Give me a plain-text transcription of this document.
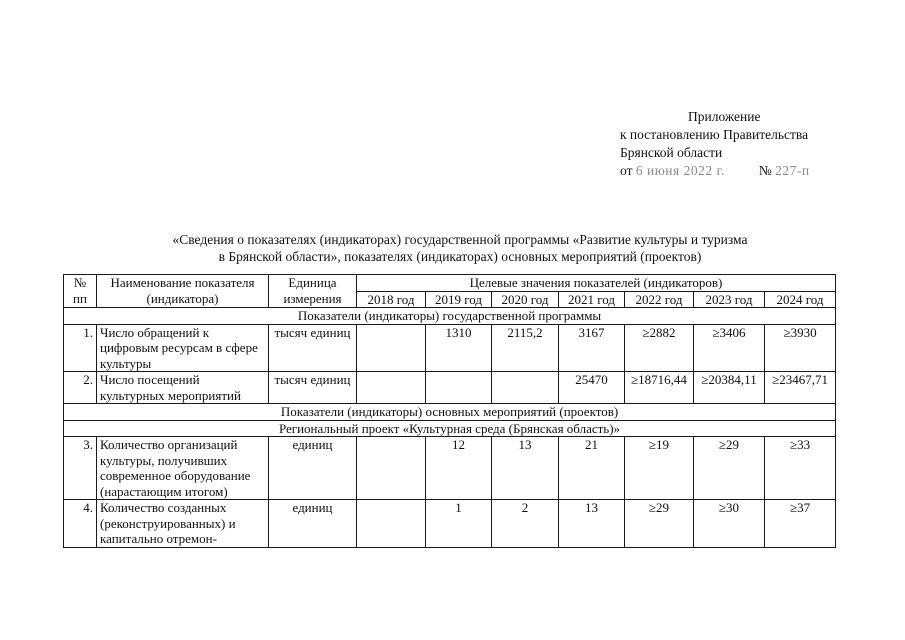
Приложение
к постановлению Правительства
Брянской области
от
6 июня 2022 г.	№
227-п
«Сведения о показателях (индикаторах) государственной программы «Развитие культуры и туризма
в Брянской области», показателях (индикаторах) основных мероприятий (проектов)
№ пп	Наименование показателя (индикатора)	Единица измерения	Целевые значения показателей (индикаторов)						
			2018 год	2019 год	2020 год	2021 год	2022 год	2023 год	2024 год
Показатели (индикаторы) государственной программы									
1.	Число обращений к цифровым ресурсам в сфере культуры	тысяч единиц		1310	2115,2	3167	≥2882	≥3406	≥3930
2.	Число посещений культурных мероприятий	тысяч единиц				25470	≥18716,44	≥20384,11	≥23467,71
Показатели (индикаторы) основных мероприятий (проектов)									
Региональный проект «Культурная среда (Брянская область)»									
3.	Количество организаций культуры, получивших современное оборудование (нарастающим итогом)	единиц		12	13	21	≥19	≥29	≥33
4.	Количество созданных (реконструированных) и капитально отремон-	единиц		1	2	13	≥29	≥30	≥37
